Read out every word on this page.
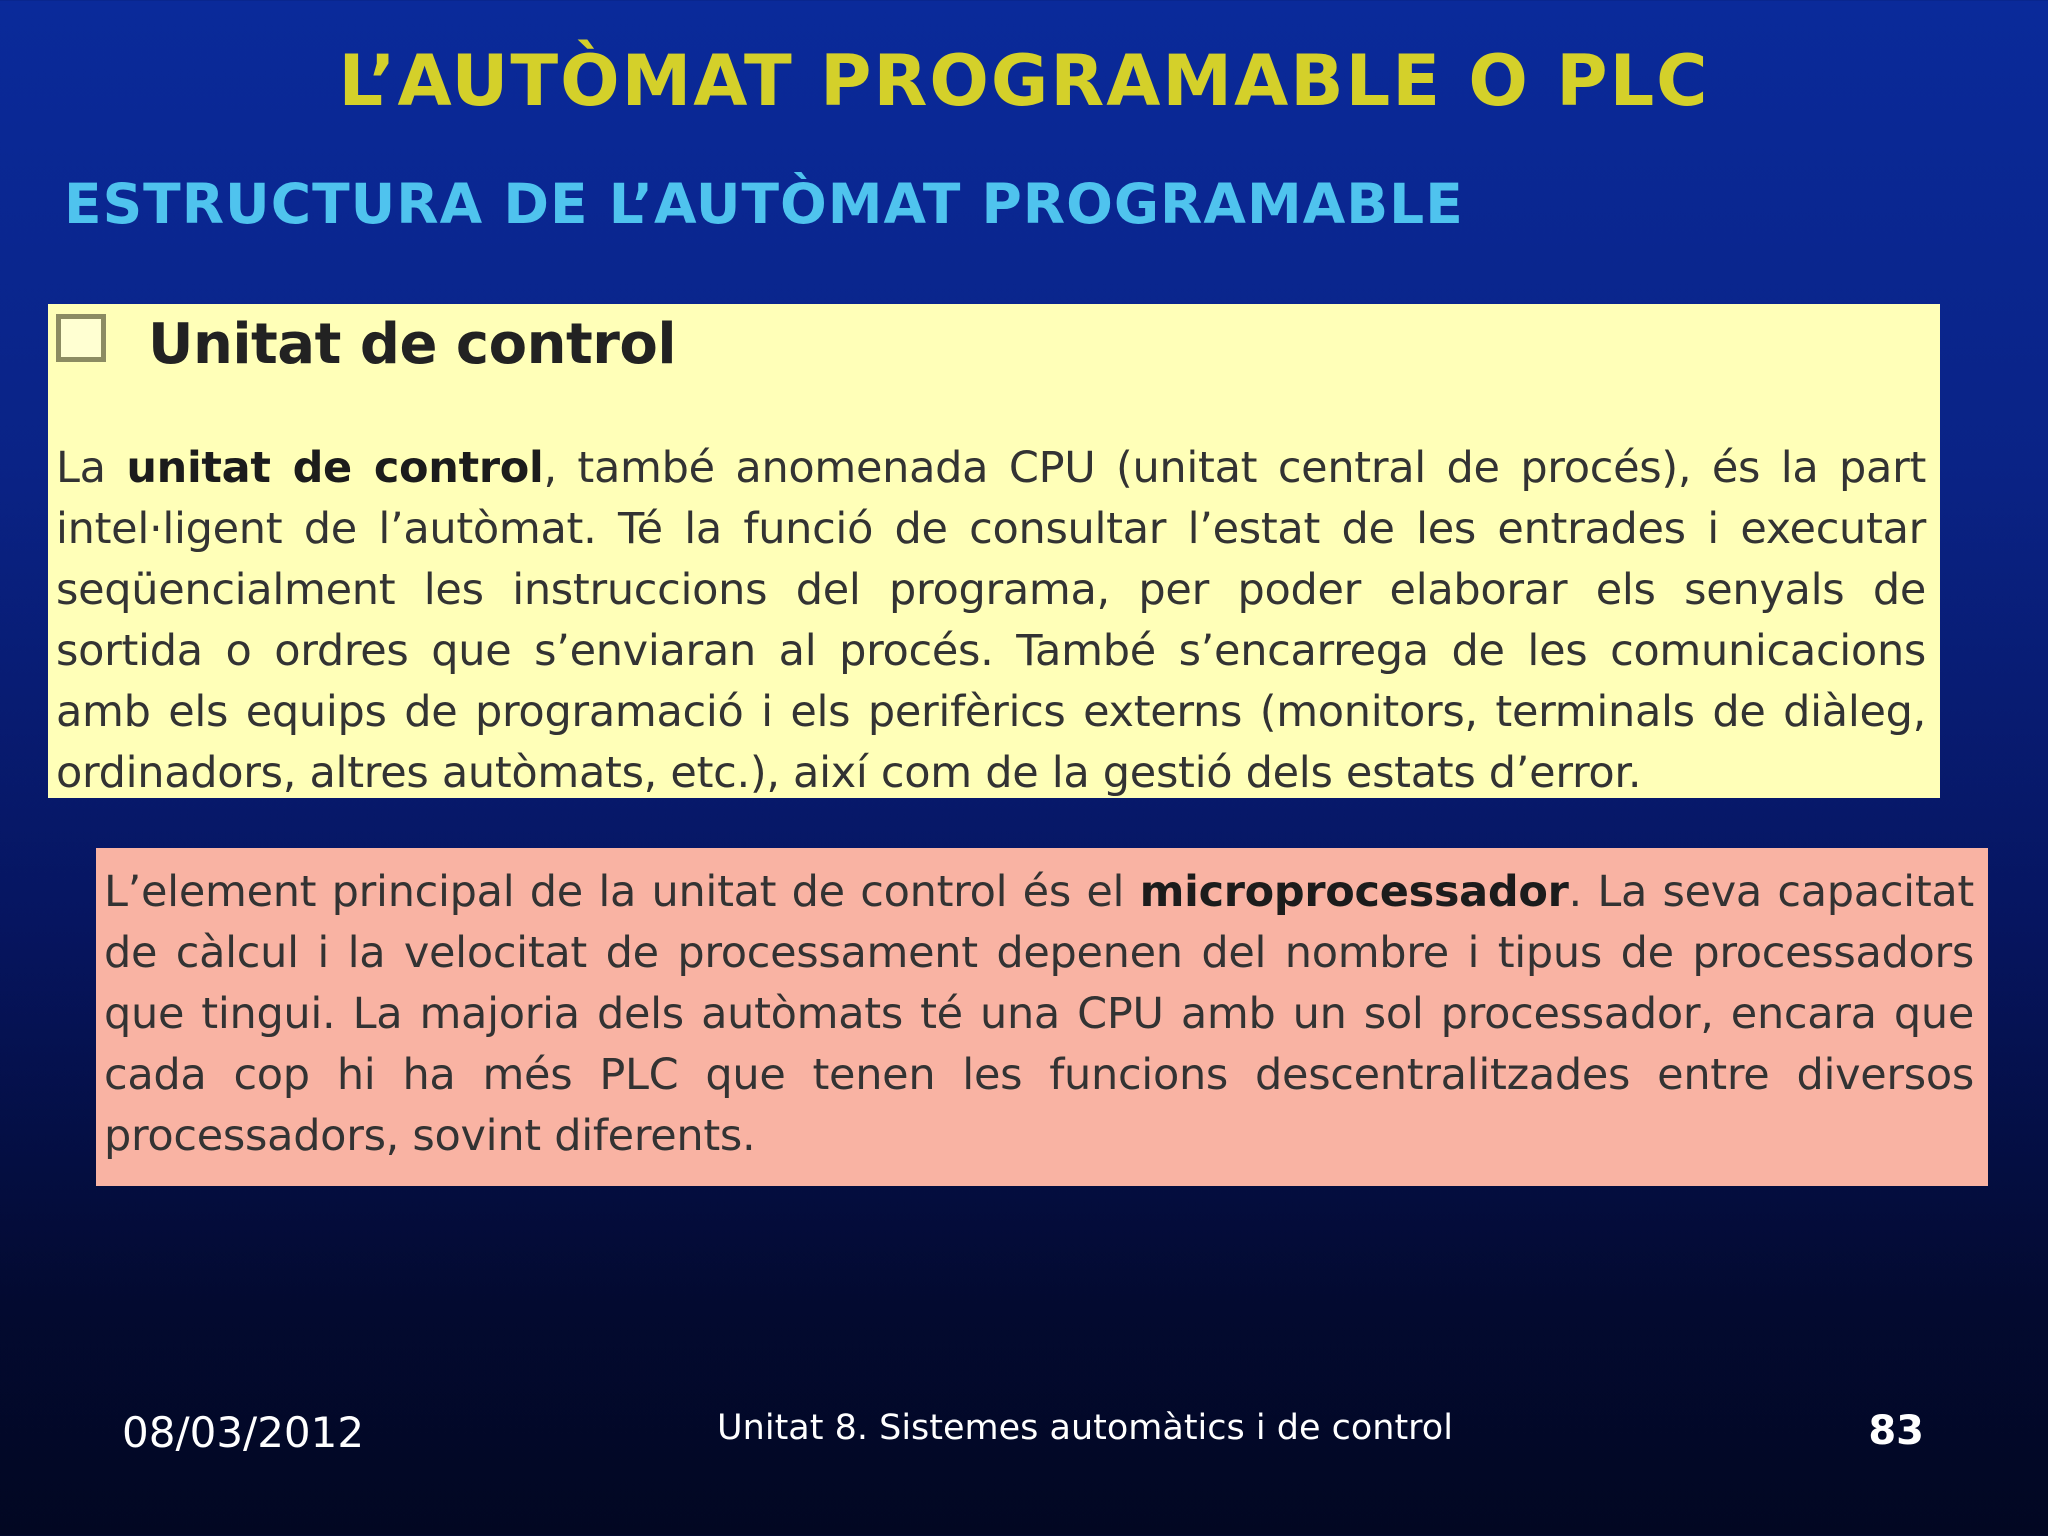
L’AUTÒMAT PROGRAMABLE O PLC
ESTRUCTURA DE L’AUTÒMAT PROGRAMABLE
Unitat de control

La unitat de control, també anomenada CPU (unitat central de procés), és la part intel·ligent de l’autòmat. Té la funció de consultar l’estat de les entrades i executar seqüencialment les instruccions del programa, per poder elaborar els senyals de sortida o ordres que s’enviaran al procés. També s’encarrega de les comunicacions amb els equips de programació i els perifèrics externs (monitors, terminals de diàleg, ordinadors, altres autòmats, etc.), així com de la gestió dels estats d’error.

L’element principal de la unitat de control és el microprocessador. La seva capacitat de càlcul i la velocitat de processament depenen del nombre i tipus de processadors que tingui. La majoria dels autòmats té una CPU amb un sol processador, encara que cada cop hi ha més PLC que tenen les funcions descentralitzades entre diversos processadors, sovint diferents.

08/03/2012	Unitat 8. Sistemes automàtics i de control	83
